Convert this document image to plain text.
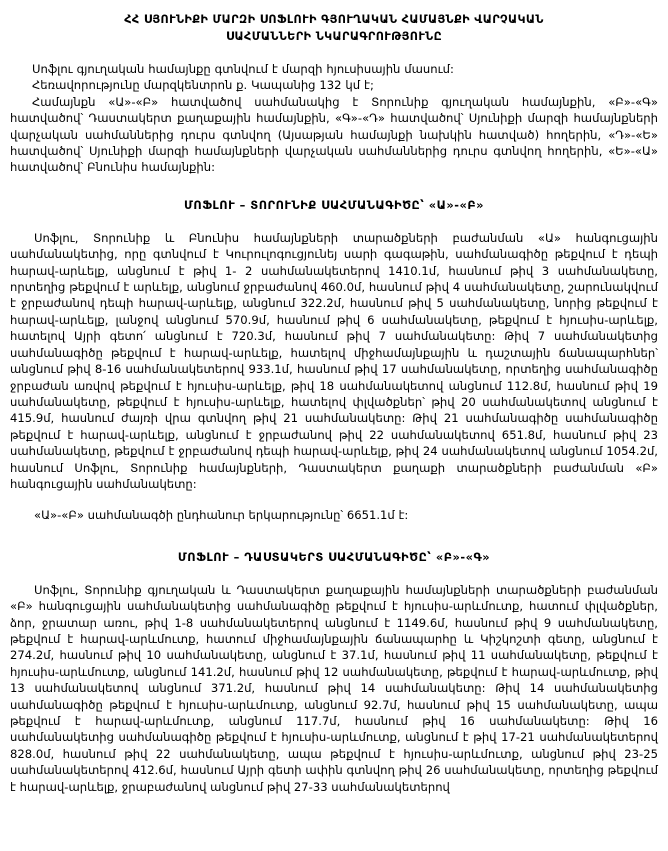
ՀՀ ՍՅՈՒՆԻՔԻ ՄԱՐԶԻ ՍՈՖԼՈՒԻ ԳՅՈՒՂԱԿԱՆ ՀԱՄԱՅՆՔԻ ՎԱՐՉԱԿԱՆ
ՍԱՀՄԱՆՆԵՐԻ ՆԿԱՐԱԳՐՈՒԹՅՈՒՆԸ

Սոֆլու գյուղական համայնքը գտնվում է մարզի հյուսիսային մասում:

Հեռավորությունը մարզկենտրոն ք. Կապանից 132 կմ է;

Համայնքն «Ա»-«Բ» հատվածով սահմանակից է Տորունիք գյուղական համայնքին, «Բ»-«Գ» հատվածով՝ Դաստակերտ քաղաքային համայնքին, «Գ»-«Դ» հատվածով՝ Սյունիքի մարզի համայնքների վարչական սահմաններից դուրս գտնվող (Այսաթյան համայնքի նախկին հատված) հողերին, «Դ»-«Ե» հատվածով՝ Սյունիքի մարզի համայնքների վարչական սահմաններից դուրս գտնվող հողերին, «Ե»-«Ա» հատվածով՝ Բնունիս համայնքին:

ՄՈՖԼՈՒ – ՏՈՐՈՒՆԻՔ ՍԱՀՄԱՆԱԳԻԾԸ՝ «Ա»-«Բ»
Սոֆլու, Տորունիք և Բնունիս համայնքների տարածքների բաժանման «Ա» հանգուցային սահմանակետից, որը գտնվում է Կուրուլոգուցյունեյ սարի գագաթին, սահմանագիծը թեքվում է դեպի հարավ-արևելք, անցնում է թիվ 1- 2 սահմանակետերով 1410.1մ, հասնում թիվ 3 սահմանակետը, որտեղից թեքվում է արևելք, անցնում ջրբաժանով 460.0մ, հասնում թիվ 4 սահմանակետը, շարունակվում է ջրբաժանով դեպի հարավ-արևելք, անցնում 322.2մ, հասնում թիվ 5 սահմանակետը, նորից թեքվում է հարավ-արևելք, լանջով անցնում 570.9մ, հասնում թիվ 6 սահմանակետը, թեքվում է հյուսիս-արևելք, հատելով Այրի գետո՛ անցնում է 720.3մ, հասնում թիվ 7 սահմանակետը: Թիվ 7 սահմանակետից սահմանագիծը թեքվում է հարավ-արևելք, հատելով միջհամայնքային և դաշտային ճանապարհներ՝ անցնում թիվ 8-16 սահմանակետերով 933.1մ, հասնում թիվ 17 սահմանակետը, որտեղից սահմանագիծը ջրբաժան առվով թեքվում է հյուսիս-արևելք, թիվ 18 սահմանակետով անցնում 112.8մ, հասնում թիվ 19 սահմանակետը, թեքվում է հյուսիս-արևելք, հատելով փլվածքներ՝ թիվ 20 սահմանակետով անցնում է 415.9մ, հասնում ժայռի վրա գտնվող թիվ 21 սահմանակետը: Թիվ 21 սահմանագիծը սահմանագիծը թեքվում է հարավ-արևելք, անցնում է ջրբաժանով թիվ 22 սահմանակետով 651.8մ, հասնում թիվ 23 սահմանակետը, թեքվում է ջրբաժանով դեպի հարավ-արևելք, թիվ 24 սահմանակետով անցնում 1054.2մ, հասնում Սոֆլու, Տորունիք համայնքների, Դաստակերտ քաղաքի տարածքների բաժանման «Բ» հանգուցային սահմանակետը:
«Ա»-«Բ» սահմանագծի ընդհանուր երկարությունը՝ 6651.1մ է:
ՄՈՖԼՈՒ – ԴԱՍՏԱԿԵՐՏ ՍԱՀՄԱՆԱԳԻԾԸ՝ «Բ»-«Գ»
Սոֆլու, Տորունիք գյուղական և Դաստակերտ քաղաքային համայնքների տարածքների բաժանման «Բ» հանգուցային սահմանակետից սահմանագիծը թեքվում է հյուսիս-արևմուտք, հատում փլվածքներ, ձոր, ջրատար առու, թիվ 1-8 սահմանակետերով անցնում է 1149.6մ, հասնում թիվ 9 սահմանակետը, թեքվում է հարավ-արևմուտք, հատում միջհամայնքային ճանապարհը և Կիշկոշտի գետը, անցնում է 274.2մ, հասնում թիվ 10 սահմանակետը, անցնում է 37.1մ, հասնում թիվ 11 սահմանակետը, թեքվում է հյուսիս-արևմուտք, անցնում 141.2մ, հասնում թիվ 12 սահմանակետը, թեքվում է հարավ-արևմուտք, թիվ 13 սահմանակետով անցնում 371.2մ, հասնում թիվ 14 սահմանակետը: Թիվ 14 սահմանակետից սահմանագիծը թեքվում է հյուսիս-արևմուտք, անցնում 92.7մ, հասնում թիվ 15 սահմանակետը, ապա թեքվում է հարավ-արևմուտք, անցնում 117.7մ, հասնում թիվ 16 սահմանակետը: Թիվ 16 սահմանակետից սահմանագիծը թեքվում է հյուսիս-արևմուտք, անցնում է թիվ 17-21 սահմանակետերով 828.0մ, հասնում թիվ 22 սահմանակետը, ապա թեքվում է հյուսիս-արևմուտք, անցնում թիվ 23-25 սահմանակետերով 412.6մ, հասնում Այրի գետի ափին գտնվող թիվ 26 սահմանակետը, որտեղից թեքվում է հարավ-արևելք, ջրաբաժանով անցնում թիվ 27-33 սահմանակետերով
